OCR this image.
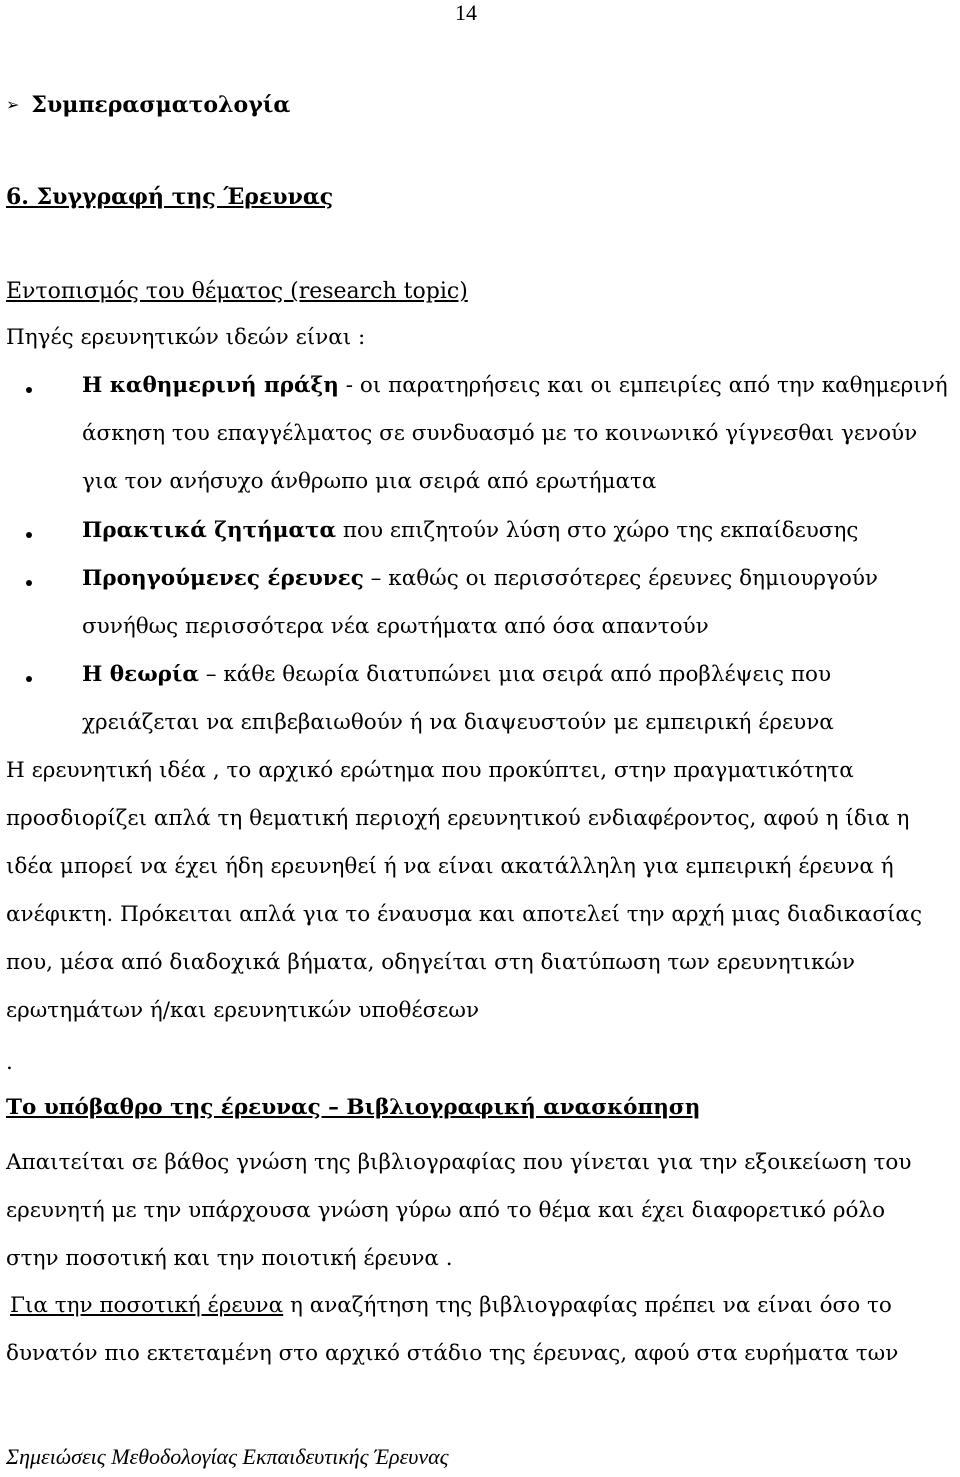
14
➢ Συμπερασματολογία
6. Συγγραφή της Έρευνας
Εντοπισμός του θέματος (research topic)
Πηγές ερευνητικών ιδεών είναι :
Η καθημερινή πράξη - οι παρατηρήσεις και οι εμπειρίες από την καθημερινή
άσκηση του επαγγέλματος σε συνδυασμό με το κοινωνικό γίγνεσθαι γενούν
για τον ανήσυχο άνθρωπο μια σειρά από ερωτήματα
Πρακτικά ζητήματα που επιζητούν λύση στο χώρο της εκπαίδευσης
Προηγούμενες έρευνες – καθώς οι περισσότερες έρευνες δημιουργούν
συνήθως περισσότερα νέα ερωτήματα από όσα απαντούν
Η θεωρία – κάθε θεωρία διατυπώνει μια σειρά από προβλέψεις που
χρειάζεται να επιβεβαιωθούν ή να διαψευστούν με εμπειρική έρευνα
Η ερευνητική ιδέα , το αρχικό ερώτημα που προκύπτει, στην πραγματικότητα
προσδιορίζει απλά τη θεματική περιοχή ερευνητικού ενδιαφέροντος, αφού η ίδια η
ιδέα μπορεί να έχει ήδη ερευνηθεί ή να είναι ακατάλληλη για εμπειρική έρευνα ή
ανέφικτη. Πρόκειται απλά για το έναυσμα και αποτελεί την αρχή μιας διαδικασίας
που, μέσα από διαδοχικά βήματα, οδηγείται στη διατύπωση των ερευνητικών
ερωτημάτων ή/και ερευνητικών υποθέσεων
.
Το υπόβαθρο της έρευνας – Βιβλιογραφική ανασκόπηση
Απαιτείται σε βάθος γνώση της βιβλιογραφίας που γίνεται για την εξοικείωση του
ερευνητή με την υπάρχουσα γνώση γύρω από το θέμα και έχει διαφορετικό ρόλο
στην ποσοτική και την ποιοτική έρευνα .
Για την ποσοτική έρευνα η αναζήτηση της βιβλιογραφίας πρέπει να είναι όσο το
δυνατόν πιο εκτεταμένη στο αρχικό στάδιο της έρευνας, αφού στα ευρήματα των
Σημειώσεις Μεθοδολογίας Εκπαιδευτικής Έρευνας
